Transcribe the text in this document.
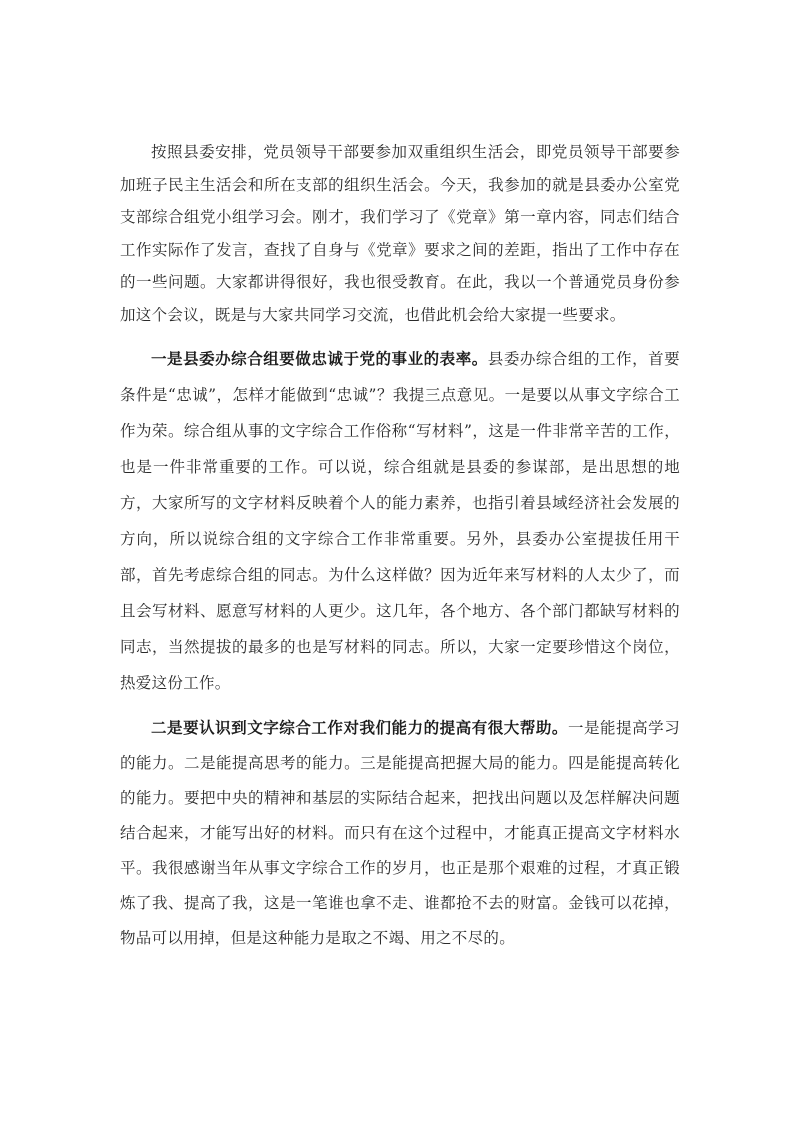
按照县委安排，党员领导干部要参加双重组织生活会，即党员领导干部要参加班子民主生活会和所在支部的组织生活会。今天，我参加的就是县委办公室党支部综合组党小组学习会。刚才，我们学习了《党章》第一章内容，同志们结合工作实际作了发言，查找了自身与《党章》要求之间的差距，指出了工作中存在的一些问题。大家都讲得很好，我也很受教育。在此，我以一个普通党员身份参加这个会议，既是与大家共同学习交流，也借此机会给大家提一些要求。

一是县委办综合组要做忠诚于党的事业的表率。县委办综合组的工作，首要条件是“忠诚”，怎样才能做到“忠诚”？我提三点意见。一是要以从事文字综合工作为荣。综合组从事的文字综合工作俗称“写材料”，这是一件非常辛苦的工作，也是一件非常重要的工作。可以说，综合组就是县委的参谋部，是出思想的地方，大家所写的文字材料反映着个人的能力素养，也指引着县域经济社会发展的方向，所以说综合组的文字综合工作非常重要。另外，县委办公室提拔任用干部，首先考虑综合组的同志。为什么这样做？因为近年来写材料的人太少了，而且会写材料、愿意写材料的人更少。这几年，各个地方、各个部门都缺写材料的同志，当然提拔的最多的也是写材料的同志。所以，大家一定要珍惜这个岗位，热爱这份工作。

二是要认识到文字综合工作对我们能力的提高有很大帮助。一是能提高学习的能力。二是能提高思考的能力。三是能提高把握大局的能力。四是能提高转化的能力。要把中央的精神和基层的实际结合起来，把找出问题以及怎样解决问题结合起来，才能写出好的材料。而只有在这个过程中，才能真正提高文字材料水平。我很感谢当年从事文字综合工作的岁月，也正是那个艰难的过程，才真正锻炼了我、提高了我，这是一笔谁也拿不走、谁都抢不去的财富。金钱可以花掉，物品可以用掉，但是这种能力是取之不竭、用之不尽的。
